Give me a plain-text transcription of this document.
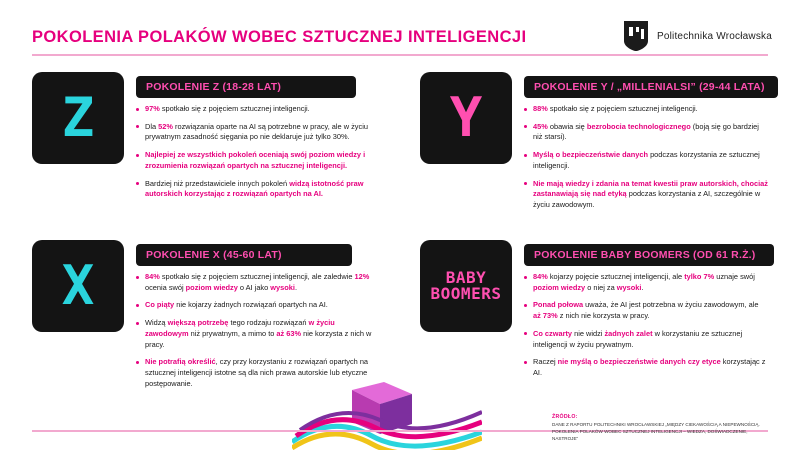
POKOLENIA POLAKÓW WOBEC SZTUCZNEJ INTELIGENCJI	Politechnika Wrocławska
Z	POKOLENIE Z (18-28 LAT)
97% spotkało się z pojęciem sztucznej inteligencji.
Dla 52% rozwiązania oparte na AI są potrzebne w pracy, ale w życiu prywatnym zasadność sięgania po nie deklaruje już tylko 30%.
Najlepiej ze wszystkich pokoleń oceniają swój poziom wiedzy i zrozumienia rozwiązań opartych na sztucznej inteligencji.
Bardziej niż przedstawiciele innych pokoleń widzą istotność praw autorskich korzystając z rozwiązań opartych na AI.
Y	POKOLENIE Y / „MILLENIALSI” (29-44 LATA)
88% spotkało się z pojęciem sztucznej inteligencji.
45% obawia się bezrobocia technologicznego (boją się go bardziej niż starsi).
Myślą o bezpieczeństwie danych podczas korzystania ze sztucznej inteligencji.
Nie mają wiedzy i zdania na temat kwestii praw autorskich, chociaż zastanawiają się nad etyką podczas korzystania z AI, szczególnie w życiu zawodowym.
X	POKOLENIE X (45-60 LAT)
84% spotkało się z pojęciem sztucznej inteligencji, ale zaledwie 12% ocenia swój poziom wiedzy o AI jako wysoki.
Co piąty nie kojarzy żadnych rozwiązań opartych na AI.
Widzą większą potrzebę tego rodzaju rozwiązań w życiu zawodowym niż prywatnym, a mimo to aż 63% nie korzysta z nich w pracy.
Nie potrafią określić, czy przy korzystaniu z rozwiązań opartych na sztucznej inteligencji istotne są dla nich prawa autorskie lub etyczne postępowanie.
BABY BOOMERS
POKOLENIE BABY BOOMERS (OD 61 R.Ż.)
84% kojarzy pojęcie sztucznej inteligencji, ale tylko 7% uznaje swój poziom wiedzy o niej za wysoki.
Ponad połowa uważa, że AI jest potrzebna w życiu zawodowym, ale aż 73% z nich nie korzysta w pracy.
Co czwarty nie widzi żadnych zalet w korzystaniu ze sztucznej inteligencji w życiu prywatnym.
Raczej nie myślą o bezpieczeństwie danych czy etyce korzystając z AI.
ŹRÓDŁO:
DANE Z RAPORTU POLITECHNIKI WROCŁAWSKIEJ „MIĘDZY CIEKAWOŚCIĄ A NIEPEWNOŚCIĄ. POKOLENIA POLAKÓW WOBEC SZTUCZNEJ INTELIGENCJI – WIEDZA, DOŚWIADCZENIE, NASTROJE”
